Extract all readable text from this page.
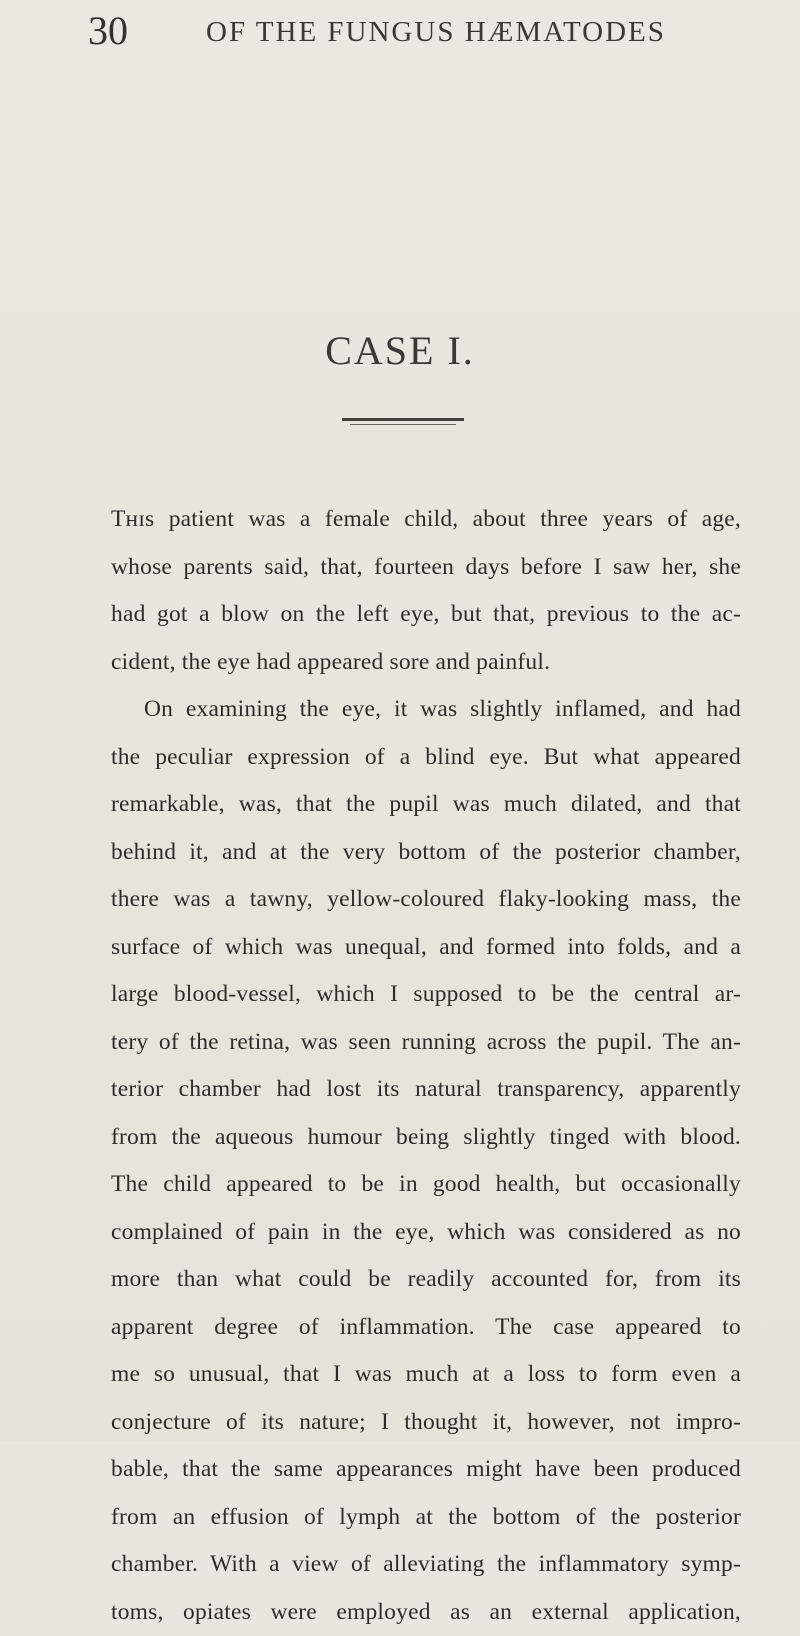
30	OF THE FUNGUS HÆMATODES
CASE I.
Tʜɪs patient was a female child, about three years of age,
whose parents said, that, fourteen days before I saw her, she
had got a blow on the left eye, but that, previous to the ac-
cident, the eye had appeared sore and painful.
On examining the eye, it was slightly inflamed, and had
the peculiar expression of a blind eye. But what appeared
remarkable, was, that the pupil was much dilated, and that
behind it, and at the very bottom of the posterior chamber,
there was a tawny, yellow-coloured flaky-looking mass, the
surface of which was unequal, and formed into folds, and a
large blood-vessel, which I supposed to be the central ar-
tery of the retina, was seen running across the pupil. The an-
terior chamber had lost its natural transparency, apparently
from the aqueous humour being slightly tinged with blood.
The child appeared to be in good health, but occasionally
complained of pain in the eye, which was considered as no
more than what could be readily accounted for, from its
apparent degree of inflammation. The case appeared to
me so unusual, that I was much at a loss to form even a
conjecture of its nature; I thought it, however, not impro-
bable, that the same appearances might have been produced
from an effusion of lymph at the bottom of the posterior
chamber. With a view of alleviating the inflammatory symp-
toms, opiates were employed as an external application,
